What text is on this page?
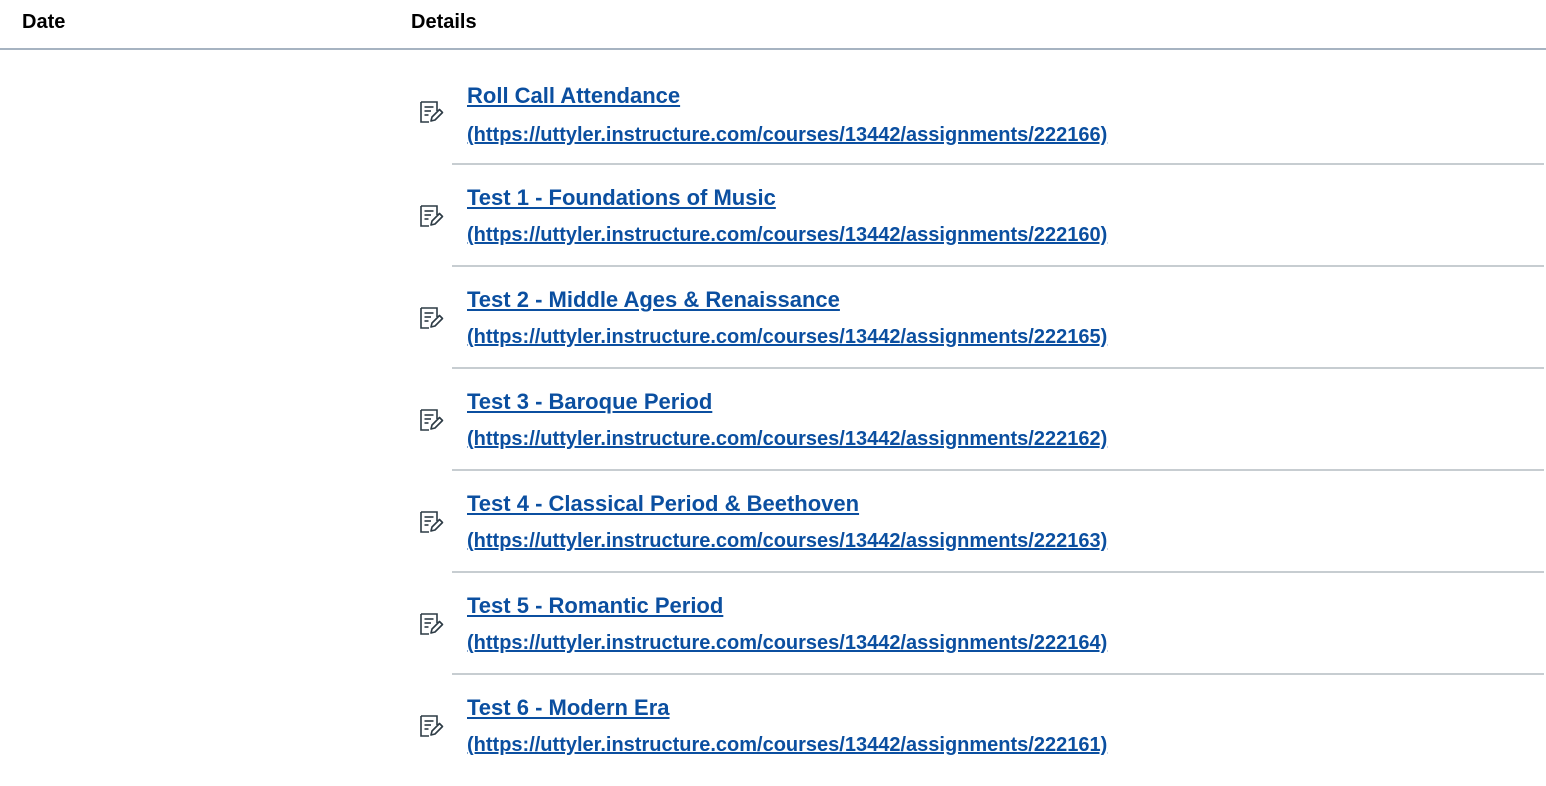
Date	Details
Roll Call Attendance
(https://uttyler.instructure.com/courses/13442/assignments/222166)
Test 1 - Foundations of Music
(https://uttyler.instructure.com/courses/13442/assignments/222160)
Test 2 - Middle Ages & Renaissance
(https://uttyler.instructure.com/courses/13442/assignments/222165)
Test 3 - Baroque Period
(https://uttyler.instructure.com/courses/13442/assignments/222162)
Test 4 - Classical Period & Beethoven
(https://uttyler.instructure.com/courses/13442/assignments/222163)
Test 5 - Romantic Period
(https://uttyler.instructure.com/courses/13442/assignments/222164)
Test 6 - Modern Era
(https://uttyler.instructure.com/courses/13442/assignments/222161)
